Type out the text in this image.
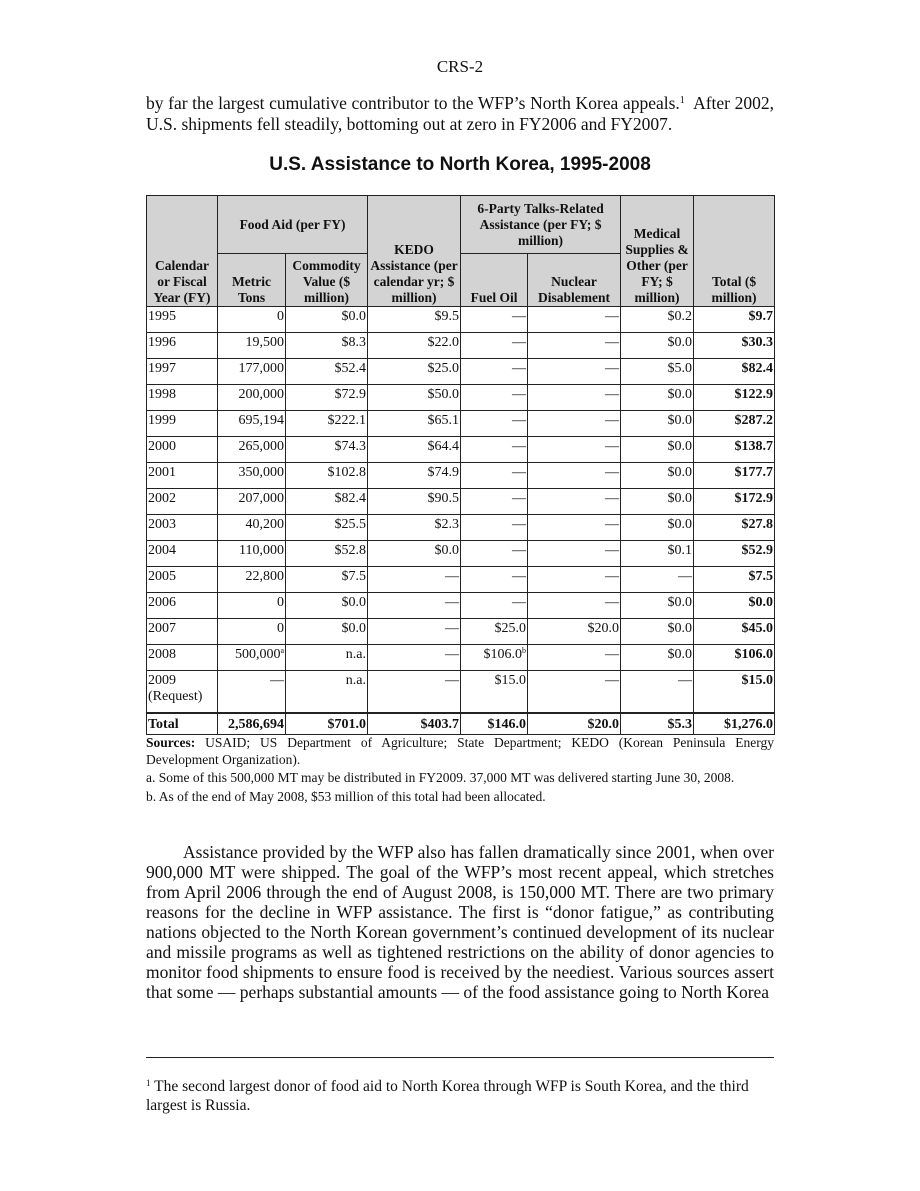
CRS-2

by far the largest cumulative contributor to the WFP’s North Korea appeals.$^1$  After 2002, U.S. shipments fell steadily, bottoming out at zero in FY2006 and FY2007.

U.S. Assistance to North Korea, 1995-2008
Calendar or Fiscal Year (FY)	Food Aid (per FY)		KEDO Assistance (per calendar yr; $ million)	6-Party Talks-Related Assistance (per FY; $ million)		Medical Supplies & Other (per FY; $ million)	Total ($ million)
	Metric Tons	Commodity Value ($ million)		Fuel Oil	Nuclear Disablement		
1995	0	$0.0	$9.5	—	—	$0.2	$9.7
1996	19,500	$8.3	$22.0	—	—	$0.0	$30.3
1997	177,000	$52.4	$25.0	—	—	$5.0	$82.4
1998	200,000	$72.9	$50.0	—	—	$0.0	$122.9
1999	695,194	$222.1	$65.1	—	—	$0.0	$287.2
2000	265,000	$74.3	$64.4	—	—	$0.0	$138.7
2001	350,000	$102.8	$74.9	—	—	$0.0	$177.7
2002	207,000	$82.4	$90.5	—	—	$0.0	$172.9
2003	40,200	$25.5	$2.3	—	—	$0.0	$27.8
2004	110,000	$52.8	$0.0	—	—	$0.1	$52.9
2005	22,800	$7.5	—	—	—	—	$7.5
2006	0	$0.0	—	—	—	$0.0	$0.0
2007	0	$0.0	—	$25.0	$20.0	$0.0	$45.0
2008	500,000$^a$	n.a.	—	$106.0$^b$	—	$0.0	$106.0
2009
(Request)	—	n.a.	—	$15.0	—	—	$15.0
Total	2,586,694	$701.0	$403.7	$146.0	$20.0	$5.3	$1,276.0

Sources: USAID; US Department of Agriculture; State Department; KEDO (Korean Peninsula Energy Development Organization).

a. Some of this 500,000 MT may be distributed in FY2009. 37,000 MT was delivered starting June 30, 2008.

b. As of the end of May 2008, $53 million of this total had been allocated.

Assistance provided by the WFP also has fallen dramatically since 2001, when over 900,000 MT were shipped. The goal of the WFP’s most recent appeal, which stretches from April 2006 through the end of August 2008, is 150,000 MT. There are two primary reasons for the decline in WFP assistance. The first is “donor fatigue,” as contributing nations objected to the North Korean government’s continued development of its nuclear and missile programs as well as tightened restrictions on the ability of donor agencies to monitor food shipments to ensure food is received by the neediest. Various sources assert that some — perhaps substantial amounts — of the food assistance going to North Korea

$^1$ The second largest donor of food aid to North Korea through WFP is South Korea, and the third largest is Russia.
